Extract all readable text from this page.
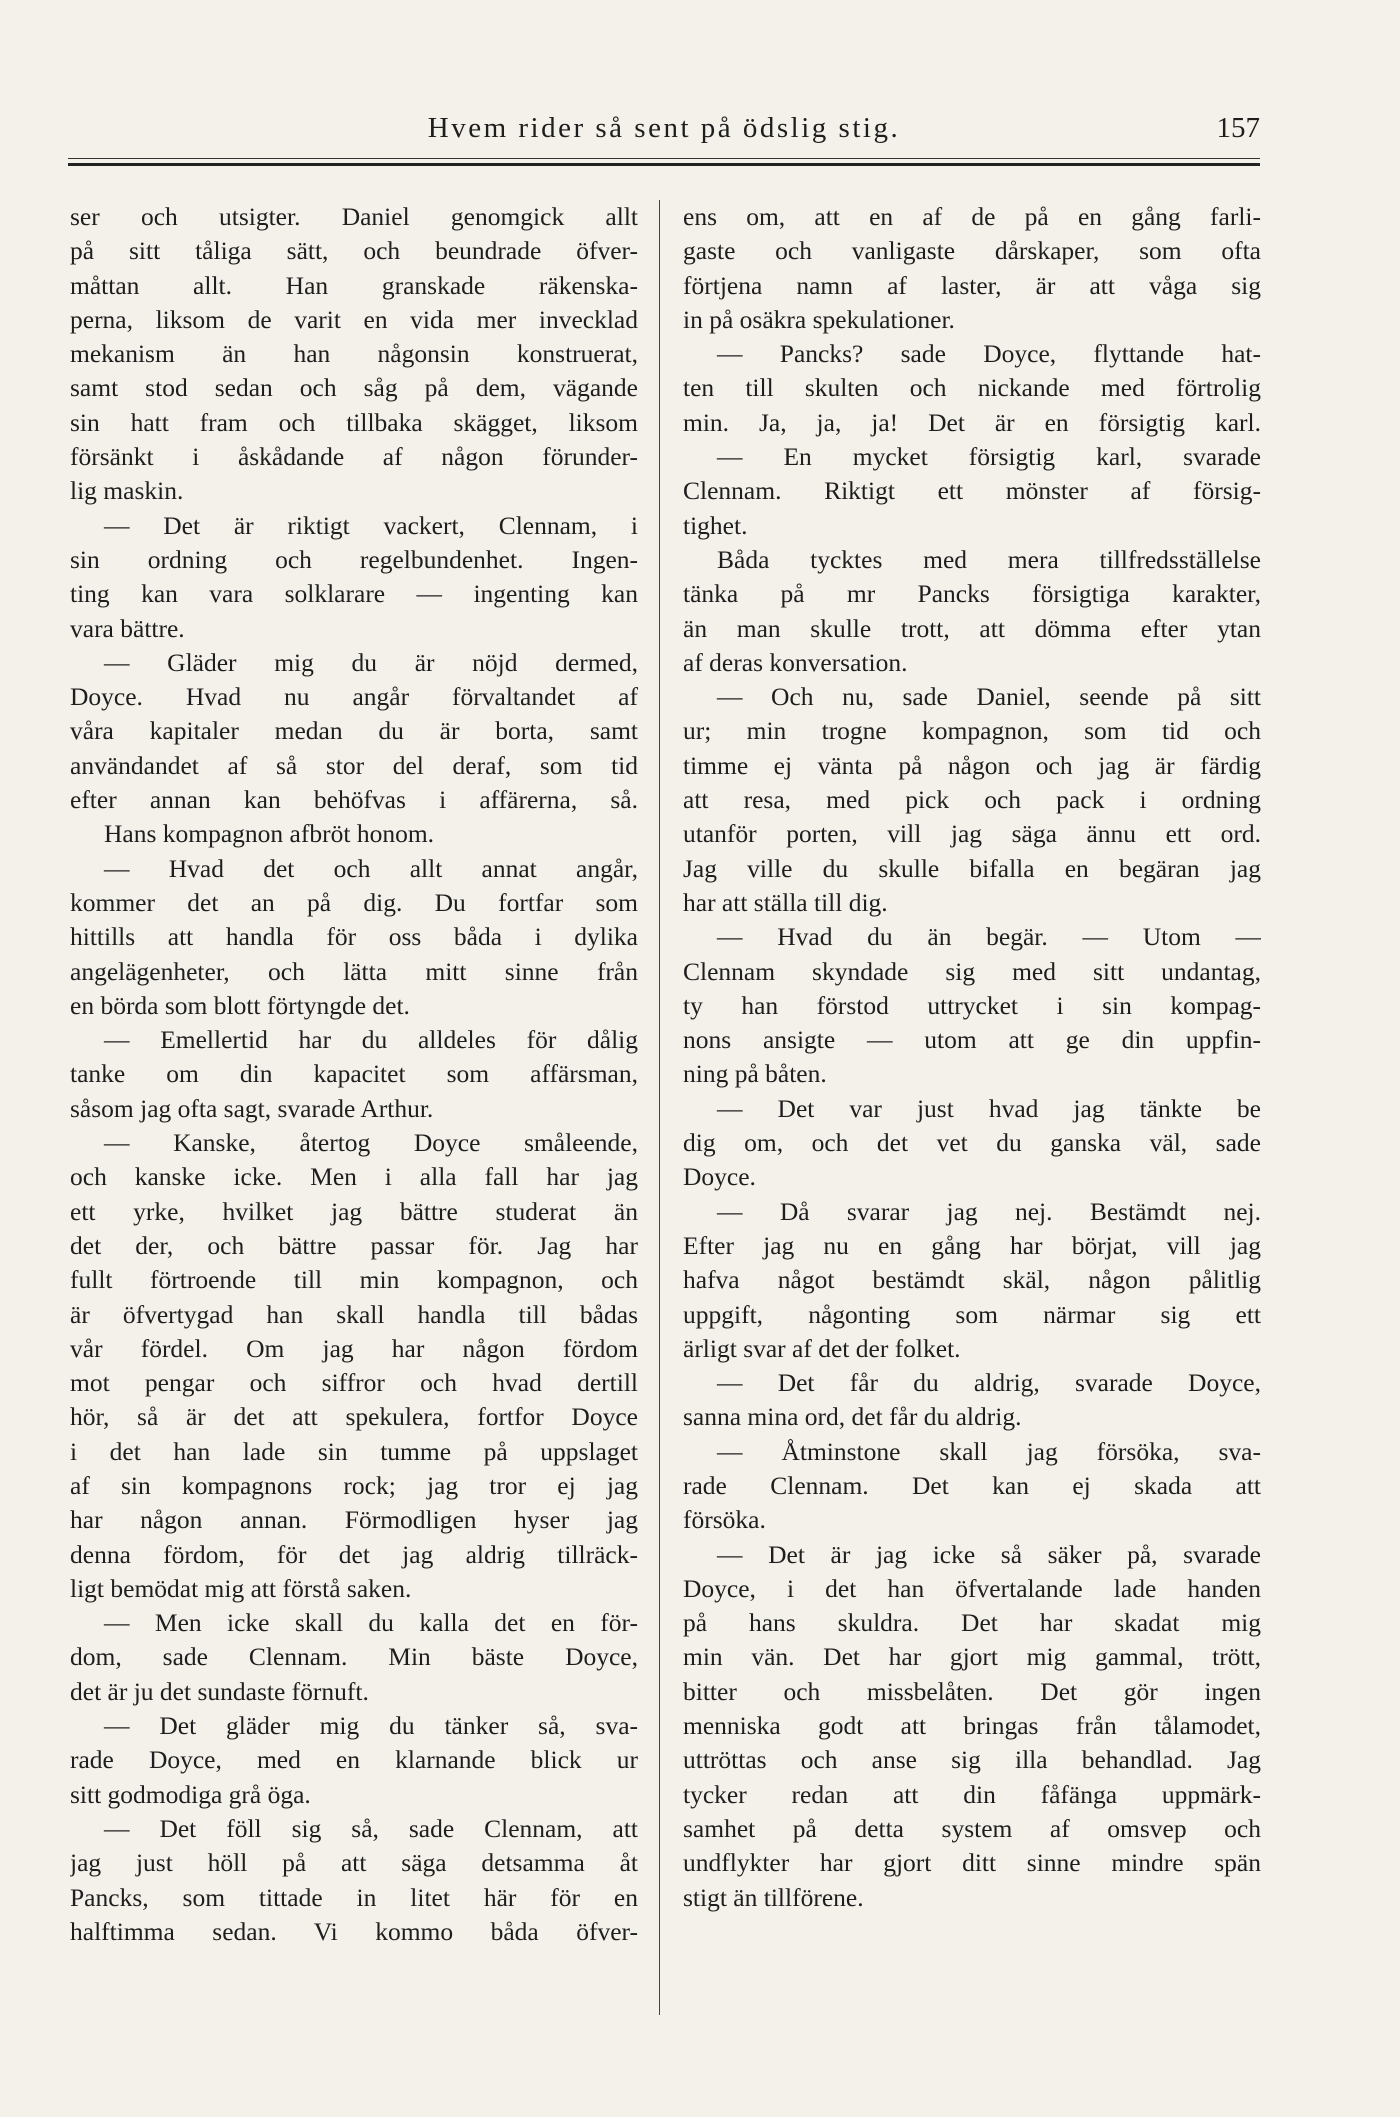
Hvem rider så sent på ödslig stig.	157
ser och utsigter. Daniel genomgick allt
på sitt tåliga sätt, och beundrade öfver-
måttan allt. Han granskade räkenska-
perna, liksom de varit en vida mer invecklad
mekanism än han någonsin konstruerat,
samt stod sedan och såg på dem, vägande
sin hatt fram och tillbaka skägget, liksom
försänkt i åskådande af någon förunder-
lig maskin.
— Det är riktigt vackert, Clennam, i
sin ordning och regelbundenhet. Ingen-
ting kan vara solklarare — ingenting kan
vara bättre.
— Gläder mig du är nöjd dermed,
Doyce. Hvad nu angår förvaltandet af
våra kapitaler medan du är borta, samt
användandet af så stor del deraf, som tid
efter annan kan behöfvas i affärerna, så.
Hans kompagnon afbröt honom.
— Hvad det och allt annat angår,
kommer det an på dig. Du fortfar som
hittills att handla för oss båda i dylika
angelägenheter, och lätta mitt sinne från
en börda som blott förtyngde det.
— Emellertid har du alldeles för dålig
tanke om din kapacitet som affärsman,
såsom jag ofta sagt, svarade Arthur.
— Kanske, återtog Doyce småleende,
och kanske icke. Men i alla fall har jag
ett yrke, hvilket jag bättre studerat än
det der, och bättre passar för. Jag har
fullt förtroende till min kompagnon, och
är öfvertygad han skall handla till bådas
vår fördel. Om jag har någon fördom
mot pengar och siffror och hvad dertill
hör, så är det att spekulera, fortfor Doyce
i det han lade sin tumme på uppslaget
af sin kompagnons rock; jag tror ej jag
har någon annan. Förmodligen hyser jag
denna fördom, för det jag aldrig tillräck-
ligt bemödat mig att förstå saken.
— Men icke skall du kalla det en för-
dom, sade Clennam. Min bäste Doyce,
det är ju det sundaste förnuft.
— Det gläder mig du tänker så, sva-
rade Doyce, med en klarnande blick ur
sitt godmodiga grå öga.
— Det föll sig så, sade Clennam, att
jag just höll på att säga detsamma åt
Pancks, som tittade in litet här för en
halftimma sedan. Vi kommo båda öfver-
ens om, att en af de på en gång farli-
gaste och vanligaste dårskaper, som ofta
förtjena namn af laster, är att våga sig
in på osäkra spekulationer.
— Pancks? sade Doyce, flyttande hat-
ten till skulten och nickande med förtrolig
min. Ja, ja, ja! Det är en försigtig karl.
— En mycket försigtig karl, svarade
Clennam. Riktigt ett mönster af försig-
tighet.
Båda tycktes med mera tillfredsställelse
tänka på mr Pancks försigtiga karakter,
än man skulle trott, att dömma efter ytan
af deras konversation.
— Och nu, sade Daniel, seende på sitt
ur; min trogne kompagnon, som tid och
timme ej vänta på någon och jag är färdig
att resa, med pick och pack i ordning
utanför porten, vill jag säga ännu ett ord.
Jag ville du skulle bifalla en begäran jag
har att ställa till dig.
— Hvad du än begär. — Utom —
Clennam skyndade sig med sitt undantag,
ty han förstod uttrycket i sin kompag-
nons ansigte — utom att ge din uppfin-
ning på båten.
— Det var just hvad jag tänkte be
dig om, och det vet du ganska väl, sade
Doyce.
— Då svarar jag nej. Bestämdt nej.
Efter jag nu en gång har börjat, vill jag
hafva något bestämdt skäl, någon pålitlig
uppgift, någonting som närmar sig ett
ärligt svar af det der folket.
— Det får du aldrig, svarade Doyce,
sanna mina ord, det får du aldrig.
— Åtminstone skall jag försöka, sva-
rade Clennam. Det kan ej skada att
försöka.
— Det är jag icke så säker på, svarade
Doyce, i det han öfvertalande lade handen
på hans skuldra. Det har skadat mig
min vän. Det har gjort mig gammal, trött,
bitter och missbelåten. Det gör ingen
menniska godt att bringas från tålamodet,
uttröttas och anse sig illa behandlad. Jag
tycker redan att din fåfänga uppmärk-
samhet på detta system af omsvep och
undflykter har gjort ditt sinne mindre spän
stigt än tillförene.
